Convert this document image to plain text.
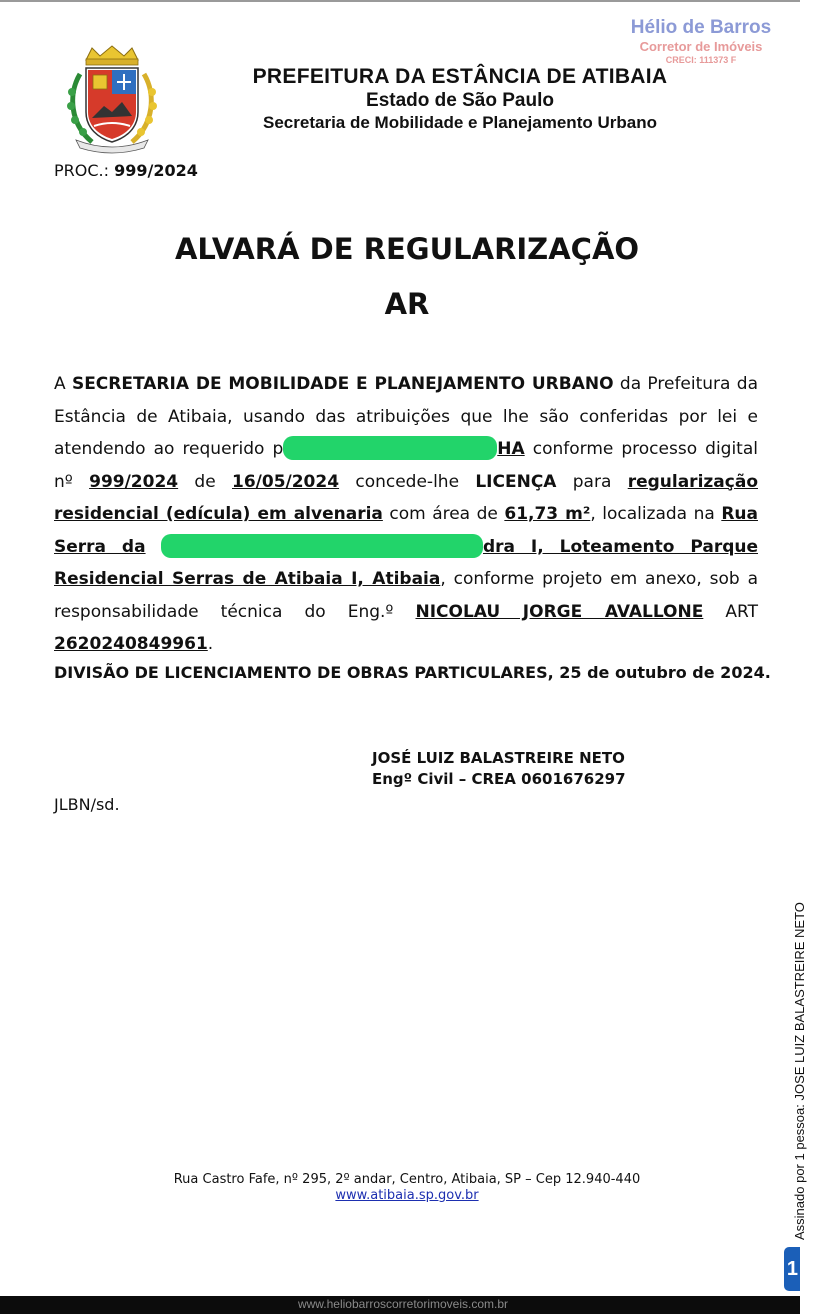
Hélio de Barros
Corretor de Imóveis
CRECI: 111373 F
PREFEITURA DA ESTÂNCIA DE ATIBAIA
Estado de São Paulo
Secretaria de Mobilidade e Planejamento Urbano
PROC.: 999/2024
ALVARÁ DE REGULARIZAÇÃO
AR
A SECRETARIA DE MOBILIDADE E PLANEJAMENTO URBANO da Prefeitura da Estância de Atibaia, usando das atribuições que lhe são conferidas por lei e atendendo ao requerido p	HA conforme processo digital nº 999/2024 de 16/05/2024 concede-lhe LICENÇA para regularização residencial (edícula) em alvenaria com área de 61,73 m², localizada na Rua Serra da	dra I, Loteamento Parque Residencial Serras de Atibaia I, Atibaia, conforme projeto em anexo, sob a responsabilidade técnica do Eng.º NICOLAU JORGE AVALLONE ART 2620240849961.
DIVISÃO DE LICENCIAMENTO DE OBRAS PARTICULARES, 25 de outubro de 2024.
JOSÉ LUIZ BALASTREIRE NETO
Engº Civil – CREA 0601676297
JLBN/sd.
Rua Castro Fafe, nº 295, 2º andar, Centro, Atibaia, SP – Cep 12.940-440
www.atibaia.sp.gov.br	Assinado por 1 pessoa: JOSE LUIZ BALASTREIRE NETO
1
www.heliobarroscorretorimoveis.com.br
